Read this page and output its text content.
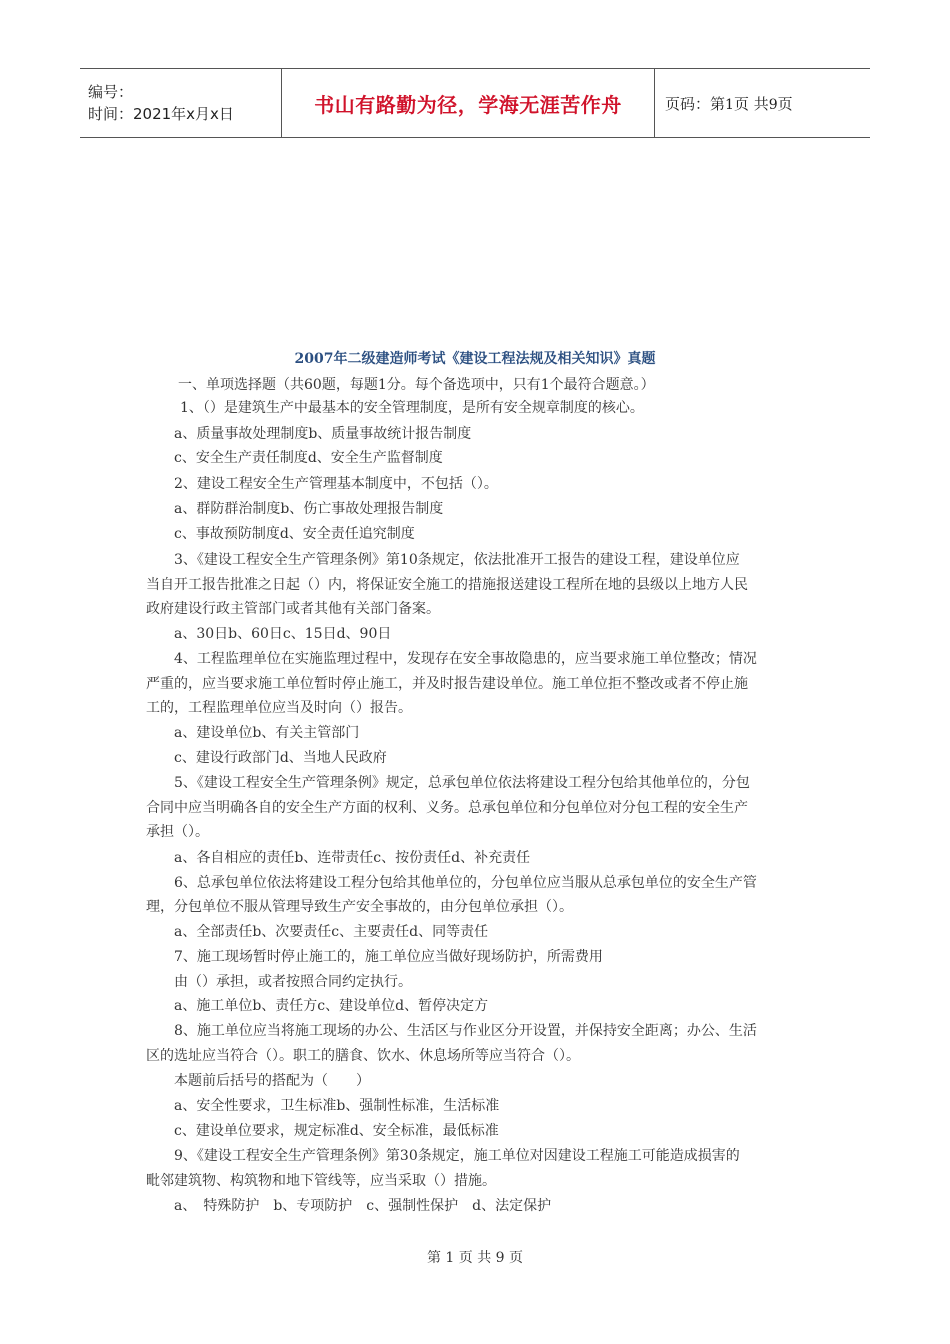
编号：
时间：2021年x月x日	书山有路勤为径，学海无涯苦作舟	页码：第1页 共9页
2007年二级建造师考试《建设工程法规及相关知识》真题
一、单项选择题（共60题，每题1分。每个备选项中，只有1个最符合题意。）
1、（）是建筑生产中最基本的安全管理制度，是所有安全规章制度的核心。
a、质量事故处理制度b、质量事故统计报告制度
c、安全生产责任制度d、安全生产监督制度
2、建设工程安全生产管理基本制度中，不包括（）。
a、群防群治制度b、伤亡事故处理报告制度
c、事故预防制度d、安全责任追究制度
3、《建设工程安全生产管理条例》第10条规定，依法批准开工报告的建设工程，建设单位应
当自开工报告批准之日起（）内，将保证安全施工的措施报送建设工程所在地的县级以上地方人民
政府建设行政主管部门或者其他有关部门备案。
a、30日b、60日c、15日d、90日
4、工程监理单位在实施监理过程中，发现存在安全事故隐患的，应当要求施工单位整改；情况
严重的，应当要求施工单位暂时停止施工，并及时报告建设单位。施工单位拒不整改或者不停止施
工的，工程监理单位应当及时向（）报告。
a、建设单位b、有关主管部门
c、建设行政部门d、当地人民政府
5、《建设工程安全生产管理条例》规定，总承包单位依法将建设工程分包给其他单位的，分包
合同中应当明确各自的安全生产方面的权利、义务。总承包单位和分包单位对分包工程的安全生产
承担（）。
a、各自相应的责任b、连带责任c、按份责任d、补充责任
6、总承包单位依法将建设工程分包给其他单位的，分包单位应当服从总承包单位的安全生产管
理，分包单位不服从管理导致生产安全事故的，由分包单位承担（）。
a、全部责任b、次要责任c、主要责任d、同等责任
7、施工现场暂时停止施工的，施工单位应当做好现场防护，所需费用
由（）承担，或者按照合同约定执行。
a、施工单位b、责任方c、建设单位d、暂停决定方
8、施工单位应当将施工现场的办公、生活区与作业区分开设置，并保持安全距离；办公、生活
区的选址应当符合（）。职工的膳食、饮水、休息场所等应当符合（）。
本题前后括号的搭配为（　　）
a、安全性要求，卫生标准b、强制性标准，生活标准
c、建设单位要求，规定标准d、安全标准，最低标准
9、《建设工程安全生产管理条例》第30条规定，施工单位对因建设工程施工可能造成损害的
毗邻建筑物、构筑物和地下管线等，应当采取（）措施。
a、　特殊防护　b、专项防护　c、强制性保护　d、法定保护
第 1 页 共 9 页
